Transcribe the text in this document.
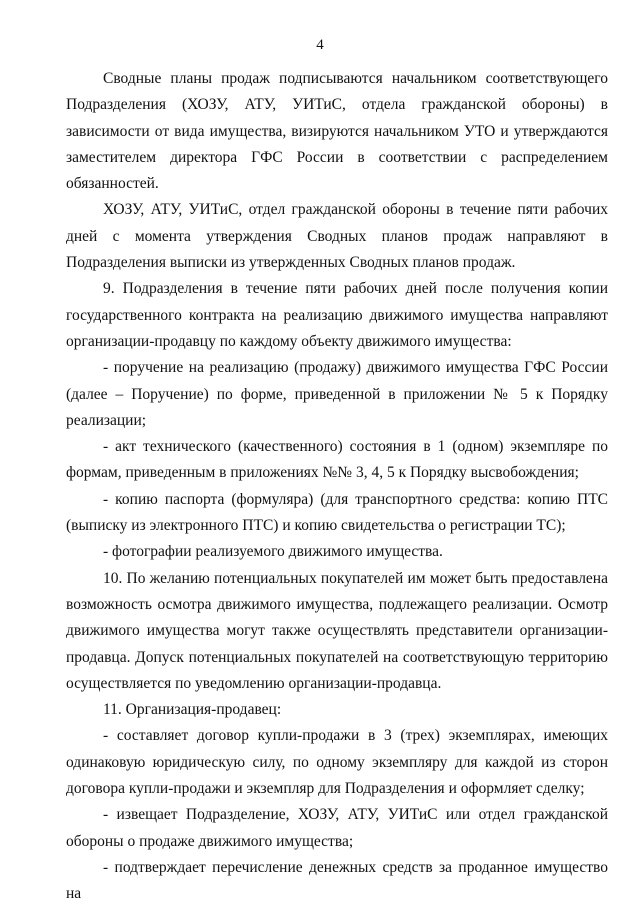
4

Сводные планы продаж подписываются начальником соответствующего Подразделения (ХОЗУ, АТУ, УИТиС, отдела гражданской обороны) в зависимости от вида имущества, визируются начальником УТО и утверждаются заместителем директора ГФС России в соответствии с распределением обязанностей.

ХОЗУ, АТУ, УИТиС, отдел гражданской обороны в течение пяти рабочих дней с момента утверждения Сводных планов продаж направляют в Подразделения выписки из утвержденных Сводных планов продаж.

9. Подразделения в течение пяти рабочих дней после получения копии государственного контракта на реализацию движимого имущества направляют организации-продавцу по каждому объекту движимого имущества:

- поручение на реализацию (продажу) движимого имущества ГФС России (далее – Поручение) по форме, приведенной в приложении № 5 к Порядку реализации;

- акт технического (качественного) состояния в 1 (одном) экземпляре по формам, приведенным в приложениях №№ 3, 4, 5 к Порядку высвобождения;

- копию паспорта (формуляра) (для транспортного средства: копию ПТС (выписку из электронного ПТС) и копию свидетельства о регистрации ТС);

- фотографии реализуемого движимого имущества.

10. По желанию потенциальных покупателей им может быть предоставлена возможность осмотра движимого имущества, подлежащего реализации. Осмотр движимого имущества могут также осуществлять представители организации-продавца. Допуск потенциальных покупателей на соответствующую территорию осуществляется по уведомлению организации-продавца.

11. Организация-продавец:

- составляет договор купли-продажи в 3 (трех) экземплярах, имеющих одинаковую юридическую силу, по одному экземпляру для каждой из сторон договора купли-продажи и экземпляр для Подразделения и оформляет сделку;

- извещает Подразделение, ХОЗУ, АТУ, УИТиС или отдел гражданской обороны о продаже движимого имущества;

- подтверждает перечисление денежных средств за проданное имущество на
